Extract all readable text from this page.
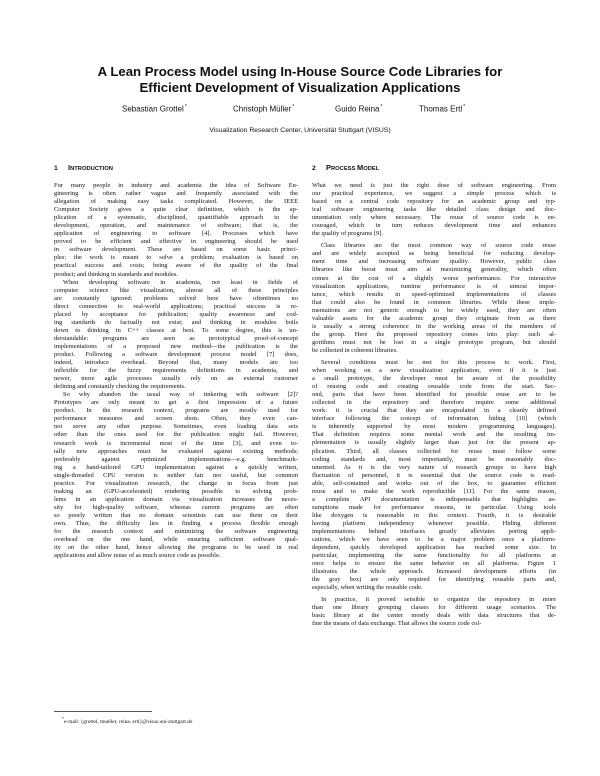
A Lean Process Model using In-House Source Code Libraries for
Efficient Development of Visualization Applications
Sebastian Grottel*	Christoph Müller*	Guido Reina*	Thomas Ertl*
Visualization Research Center, Universität Stuttgart (VISUS)
1 INTRODUCTION

For many people in industry and academia the idea of Software En-
gineering is often rather vague and frequently associated with the
allegation of making easy tasks complicated. However, the IEEE
Computer Society gives a quite clear definition, which is the ap-
plication of a systematic, disciplined, quantifiable approach to the
development, operation, and maintenance of software; that is, the
application of engineering to software [4]. Processes which have
proved to be efficient and effective in engineering should be used
in software development. These are based on some basic princi-
ples: the work is meant to solve a problem; evaluation is based on
practical success and costs; being aware of the quality of the final
product; and thinking in standards and modules.

When developing software in academia, not least in fields of
computer science like visualization, almost all of these principles
are constantly ignored: problems solved here have oftentimes no
direct connection to real-world applications; practical success is re-
placed by acceptance for publication; quality awareness and cod-
ing standards do factually not exist; and thinking in modules boils
down to thinking in C++ classes at best. To some degree, this is un-
derstandable: programs are seen as prototypical proof-of-concept
implementations of a proposed new method—the publication is the
product. Following a software development process model [7] does,
indeed, introduce overhead. Beyond that, many models are too
inflexible for the fuzzy requirements definitions in academia, and
newer, more agile processes usually rely on an external customer
defining and constantly checking the requirements.

So why abandon the usual way of tinkering with software [2]?
Prototypes are only meant to get a first impression of a future
product. In the research context, programs are mostly used for
performance measures and screen shots. Often, they even can-
not serve any other purpose. Sometimes, even loading data sets
other than the ones used for the publication might fail. However,
research work is incremental most of the time [3], and even to-
tally new approaches must be evaluated against existing methods;
preferably against optimized implementations—e.g. benchmark-
ing a hand-tailored GPU implementation against a quickly written,
single-threaded CPU version is neither fair nor useful, but common
practice. For visualization research, the change in focus from just
making an (GPU-accelerated) rendering possible to solving prob-
lems in an application domain via visualization increases the neces-
sity for high-quality software, whereas current programs are often
so poorly written that no domain scientists can use them on their
own. Thus, the difficulty lies in finding a process flexible enough
for the research context and minimizing the software engineering
overhead on the one hand, while ensuring sufficient software qual-
ity on the other hand, hence allowing the programs to be used in real
applications and allow reuse of as much source code as possible.

2 PROCESS MODEL

What we need is just the right dose of software engineering. From
our practical experience, we suggest a simple process which is
based on a central code repository for an academic group and typ-
ical software engineering tasks like detailed class design and doc-
umentation only where necessary. The reuse of source code is en-
couraged, which in turn reduces development time and enhances
the quality of programs [9].

Class libraries are the most common way of source code reuse
and are widely accepted as being beneficial for reducing develop-
ment time and increasing software quality. However, public class
libraries like boost must aim at maximizing generality, which often
comes at the cost of a slightly worse performance. For interactive
visualization applications, runtime performance is of utmost impor-
tance, which results in speed-optimized implementations of classes
that could also be found in common libraries. While these imple-
mentations are not generic enough to be widely used, they are often
valuable assets for the academic group they originate from as there
is usually a strong coherence in the working areas of the members of
the group. Here the proposed repository comes into play: such al-
gorithms must not be lost in a single prototype program, but should
be collected in coherent libraries.

Several conditions must be met for this process to work. First,
when working on a new visualization application, even if it is just
a small prototype, the developer must be aware of the possibility
of reusing code and creating reusable code from the start. Sec-
ond, parts that have been identified for possible reuse are to be
collected in the repository and therefore require some additional
work: it is crucial that they are encapsulated in a cleanly defined
interface following the concept of information hiding [10] (which
is inherently supported by most modern programming languages).
That definition requires some mental work and the resulting im-
plementation is usually slightly larger than just for the present ap-
plication. Third, all classes collected for reuse must follow some
coding standards and, most importantly, must be reasonably doc-
umented. As it is the very nature of research groups to have high
fluctuation of personnel, it is essential that the source code is read-
able, self-contained and works out of the box, to guarantee efficient
reuse and to make the work reproducible [11]. For the same reason,
a complete API documentation is indispensable that highlights as-
sumptions made for performance reasons, in particular. Using tools
like doxygen is reasonable in this context. Fourth, it is desirable
having platform independency whenever possible. Hiding different
implementations behind interfaces greatly alleviates porting appli-
cations, which we have seen to be a major problem once a platform-
dependent, quickly developed application has reached some size. In
particular, implementing the same functionality for all platforms at
once helps to ensure the same behavior on all platforms. Figure 1
illustrates the whole approach. Increased development efforts (in
the gray box) are only required for identifying reusable parts and,
especially, when writing the reusable code.

In practice, it proved sensible to organize the repository in more
than one library grouping classes for different usage scenarios. The
basic library at the center mostly deals with data structures that de-
fine the means of data exchange. That allows the source code col-

*e-mail: {grottel, mueller, reina, ertl}@visus.uni-stuttgart.de
